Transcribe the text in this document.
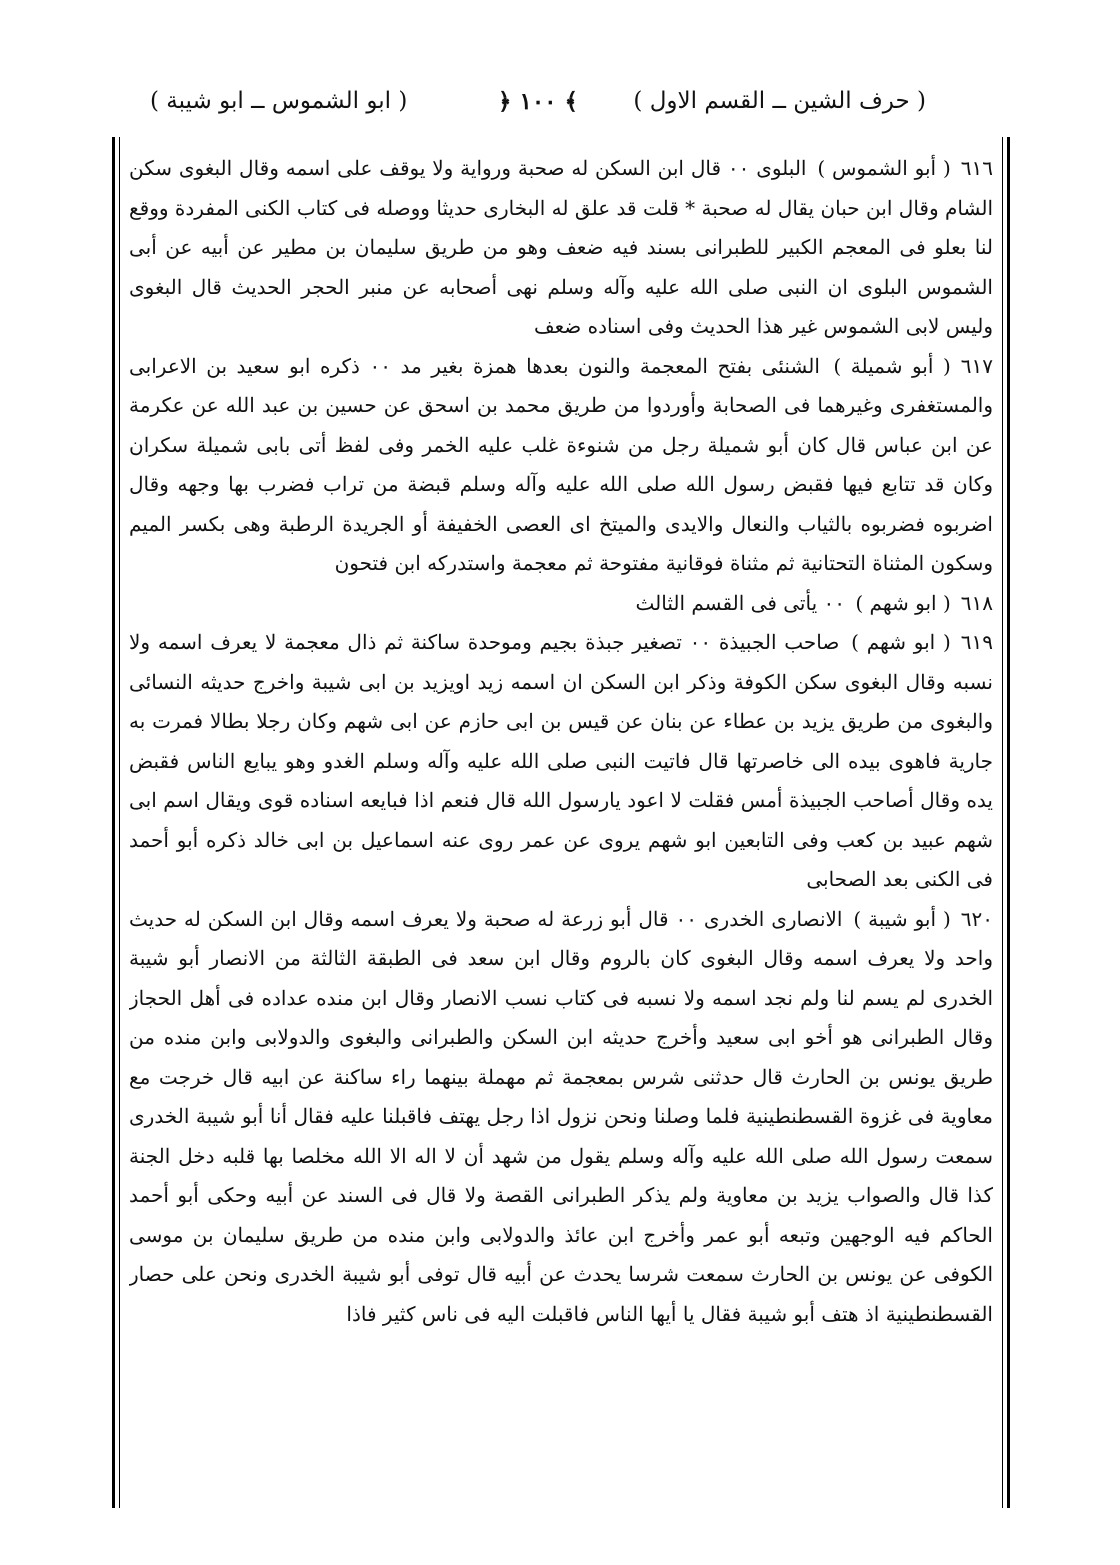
( حرف الشين ــ القسم الاول )
﴾ ١٠٠ ﴿
( ابو الشموس ــ ابو شيبة )

٦١٦( أبو الشموس ) البلوى ٠٠ قال ابن السكن له صحبة ورواية ولا يوقف على اسمه وقال البغوى سكن الشام وقال ابن حبان يقال له صحبة * قلت قد علق له البخارى حديثا ووصله فى كتاب الكنى المفردة ووقع لنا بعلو فى المعجم الكبير للطبرانى بسند فيه ضعف وهو من طريق سليمان بن مطير عن أبيه عن أبى الشموس البلوى ان النبى صلى الله عليه وآله وسلم نهى أصحابه عن منبر الحجر الحديث قال البغوى وليس لابى الشموس غير هذا الحديث وفى اسناده ضعف

٦١٧( أبو شميلة ) الشنئى بفتح المعجمة والنون بعدها همزة بغير مد ٠٠ ذكره ابو سعيد بن الاعرابى والمستغفرى وغيرهما فى الصحابة وأوردوا من طريق محمد بن اسحق عن حسين بن عبد الله عن عكرمة عن ابن عباس قال كان أبو شميلة رجل من شنوءة غلب عليه الخمر وفى لفظ أتى بابى شميلة سكران وكان قد تتابع فيها فقبض رسول الله صلى الله عليه وآله وسلم قبضة من تراب فضرب بها وجهه وقال اضربوه فضربوه بالثياب والنعال والايدى والميتخ اى العصى الخفيفة أو الجريدة الرطبة وهى بكسر الميم وسكون المثناة التحتانية ثم مثناة فوقانية مفتوحة ثم معجمة واستدركه ابن فتحون

٦١٨( ابو شهم ) ٠٠ يأتى فى القسم الثالث

٦١٩( ابو شهم ) صاحب الجبيذة ٠٠ تصغير جبذة بجيم وموحدة ساكنة ثم ذال معجمة لا يعرف اسمه ولا نسبه وقال البغوى سكن الكوفة وذكر ابن السكن ان اسمه زيد اويزيد بن ابى شيبة واخرج حديثه النسائى والبغوى من طريق يزيد بن عطاء عن بنان عن قيس بن ابى حازم عن ابى شهم وكان رجلا بطالا فمرت به جارية فاهوى بيده الى خاصرتها قال فاتيت النبى صلى الله عليه وآله وسلم الغدو وهو يبايع الناس فقبض يده وقال أصاحب الجبيذة أمس فقلت لا اعود يارسول الله قال فنعم اذا فبايعه اسناده قوى ويقال اسم ابى شهم عبيد بن كعب وفى التابعين ابو شهم يروى عن عمر روى عنه اسماعيل بن ابى خالد ذكره أبو أحمد فى الكنى بعد الصحابى

٦٢٠( أبو شيبة ) الانصارى الخدرى ٠٠ قال أبو زرعة له صحبة ولا يعرف اسمه وقال ابن السكن له حديث واحد ولا يعرف اسمه وقال البغوى كان بالروم وقال ابن سعد فى الطبقة الثالثة من الانصار أبو شيبة الخدرى لم يسم لنا ولم نجد اسمه ولا نسبه فى كتاب نسب الانصار وقال ابن منده عداده فى أهل الحجاز وقال الطبرانى هو أخو ابى سعيد وأخرج حديثه ابن السكن والطبرانى والبغوى والدولابى وابن منده من طريق يونس بن الحارث قال حدثنى شرس بمعجمة ثم مهملة بينهما راء ساكنة عن ابيه قال خرجت مع معاوية فى غزوة القسطنطينية فلما وصلنا ونحن نزول اذا رجل يهتف فاقبلنا عليه فقال أنا أبو شيبة الخدرى سمعت رسول الله صلى الله عليه وآله وسلم يقول من شهد أن لا اله الا الله مخلصا بها قلبه دخل الجنة كذا قال والصواب يزيد بن معاوية ولم يذكر الطبرانى القصة ولا قال فى السند عن أبيه وحكى أبو أحمد الحاكم فيه الوجهين وتبعه أبو عمر وأخرج ابن عائذ والدولابى وابن منده من طريق سليمان بن موسى الكوفى عن يونس بن الحارث سمعت شرسا يحدث عن أبيه قال توفى أبو شيبة الخدرى ونحن على حصار القسطنطينية اذ هتف أبو شيبة فقال يا أيها الناس فاقبلت اليه فى ناس كثير فاذا
